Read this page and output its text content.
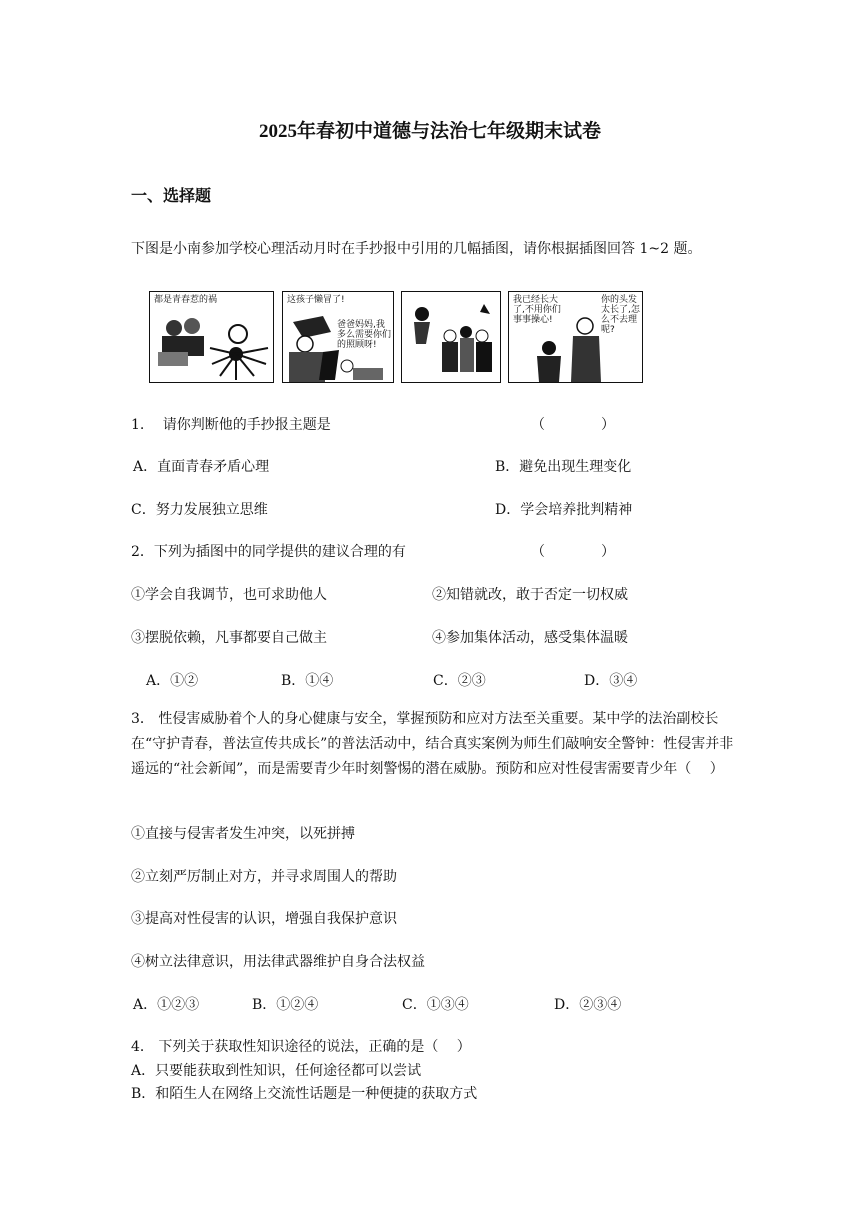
2025年春初中道德与法治七年级期末试卷
一、选择题
下图是小南参加学校心理活动月时在手抄报中引用的几幅插图，请你根据插图回答 1~2 题。
都是青春惹的祸	这孩子懒冒了!
爸爸妈妈,我多么需要你们的照顾呀!
我已经长大了,不用你们事事操心!
你的头发太长了,怎么不去理呢?
1.　 请你判断他的手抄报主题是	（　　　　）
A．直面青春矛盾心理	B．避免出现生理变化
C．努力发展独立思维	D．学会培养批判精神
2．下列为插图中的同学提供的建议合理的有	（　　　　）
①学会自我调节，也可求助他人	②知错就改，敢于否定一切权威
③摆脱依赖，凡事都要自己做主	④参加集体活动，感受集体温暖
A．①②	B．①④	C．②③	D．③④
3． 性侵害威胁着个人的身心健康与安全，掌握预防和应对方法至关重要。某中学的法治副校长在“守护青春，普法宣传共成长”的普法活动中，结合真实案例为师生们敲响安全警钟：性侵害并非遥远的“社会新闻”，而是需要青少年时刻警惕的潜在威胁。预防和应对性侵害需要青少年（　 ）
①直接与侵害者发生冲突，以死拼搏
②立刻严厉制止对方，并寻求周围人的帮助
③提高对性侵害的认识，增强自我保护意识
④树立法律意识，用法律武器维护自身合法权益
A．①②③	B．①②④	C．①③④	D．②③④
4． 下列关于获取性知识途径的说法，正确的是（　 ）
A．只要能获取到性知识，任何途径都可以尝试
B．和陌生人在网络上交流性话题是一种便捷的获取方式
